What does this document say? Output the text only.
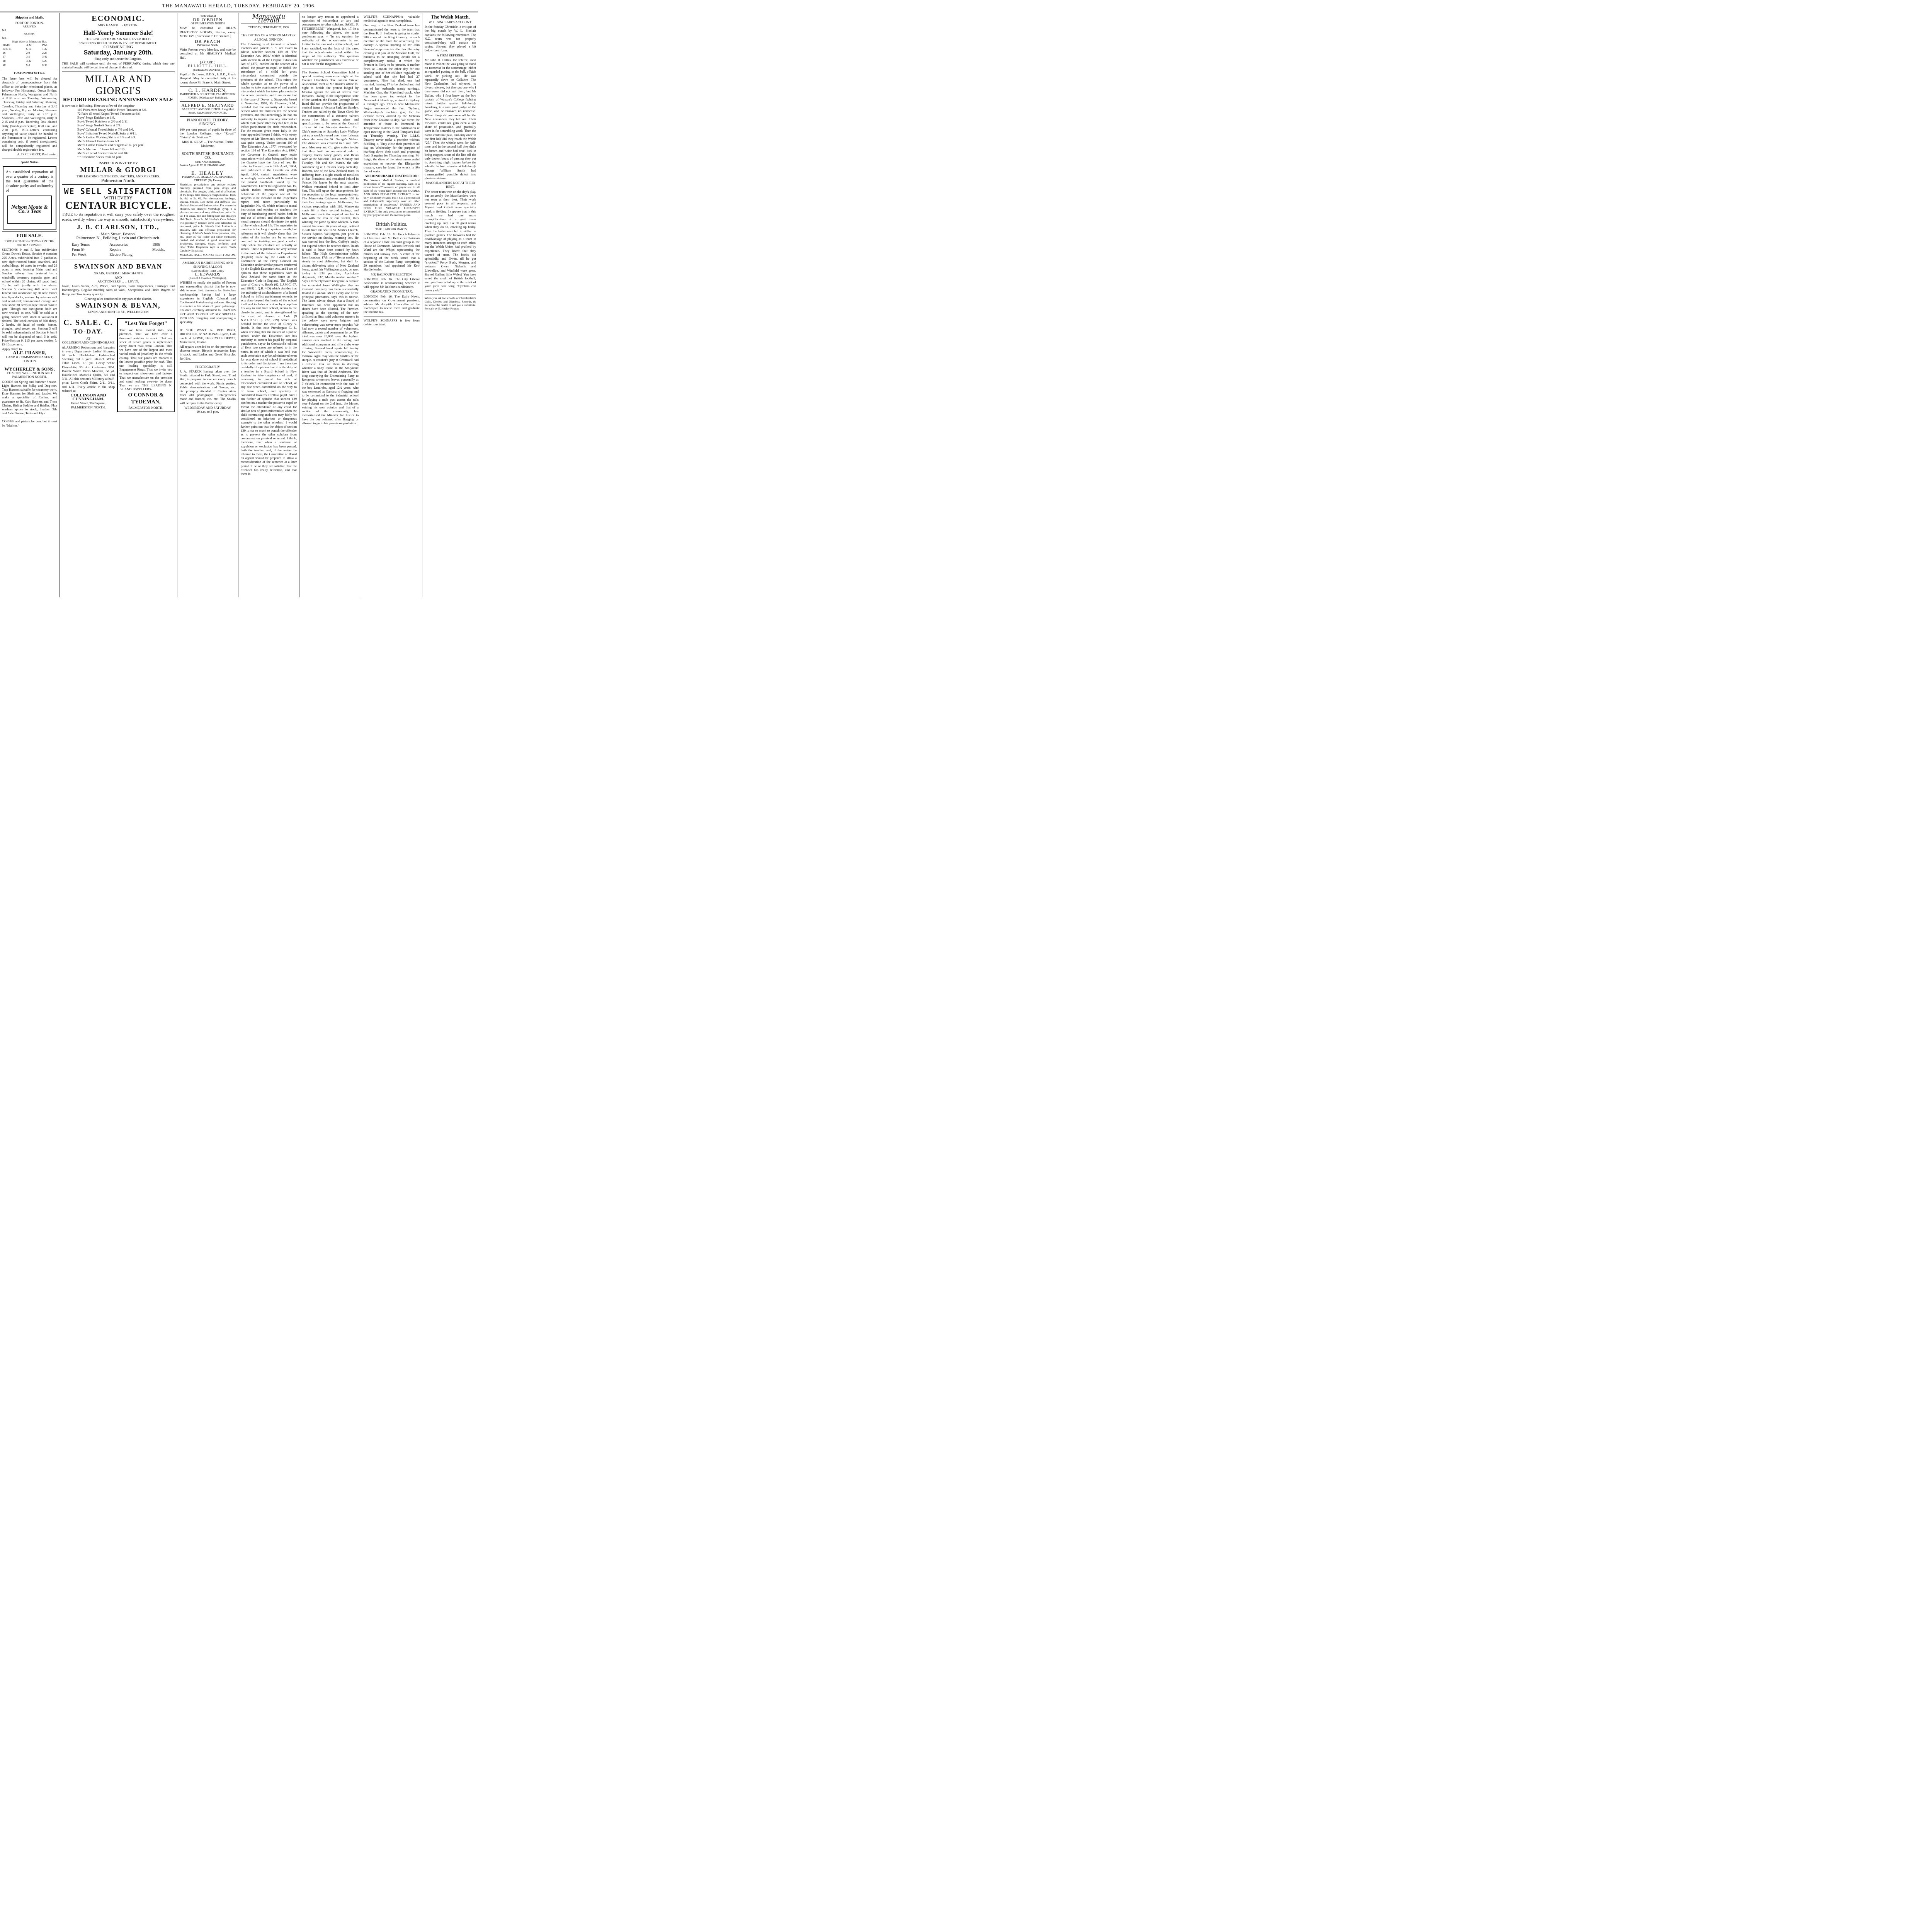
THE MANAWATU HERALD, TUESDAY, FEBRUARY 20, 1906.
Shipping and Mails.
PORT OF FOXTON.
ARRIVED.
Nil.
SAILED.
Nil.
High Water at Manawatu Bar.
DATE	A.M	P.M.
Feb. 15	6.10	1.32
16	2.0	2.28
17	3.5	3.42
18	4.32	5.23
19	6.3	6.44
FOXTON POST OFFICE.

The letter box will be cleared for despatch of correspondence from this office to the under mentioned places, as follows:- For Himatangi, Oroua Bridge, Palmerston North, Wanganui and North at 8.30 a.m. on Tuesday, Wednesday, Thursday, Friday and Saturday; Monday, Tuesday, Thursday and Saturday at 2.45 p.m.; Sunday, 8 p.m. Moutoa, Shannon and Wellington, daily at 2.15 p.m. Shannon, Levin and Wellington, daily at 2.15 and 8 p.m. Receiving Box cleared daily, (Sundays excepted), 8.20 a.m., and 2.10 p.m. N.B.-Letters containing anything of value should be handed to the Postmaster to be registered. Letters containing coin, if posted unregistered, will be compulsorily registered and charged double registration fee.

A. D. CLEMETT, Postmaster.
Special Notices

An established reputation of over a quarter of a century is the best guarantee of the absolute purity and uniformity of

Nelson Moate & Co.'s Teas
FOR SALE.
TWO OF THE SECTIONS ON THE OROUA DOWNS.

SECTIONS 9 and 5, last subdivision Oroua Downs Estate. Section 9 contains 225 Acres, subdivided into 7 paddocks, new eight-roomed house, cow-shed, and outbuildings, 16 acres in swedes and 28 acres in oats; fronting Main road and Sandon railway line; watered by a windmill; creamery opposite gate, and school within 20 chains. All good land. To be sold jointly with the above. Section 5, containing 468 acres; well fenced and subdivided by all new fences into 9 paddocks; watered by artesian well and wind-mill; four-roomed cottage and cow-shed; 30 acres in rape; metal road to gate. Though not contiguous both are now worked as one. Will be sold as a going concern with stock at valuation if desired. The stock consists of 600 sheep, 2 lambs, 80 head of cattle, horses, ploughs, seed sower, etc. Section 5 will be sold independently of Section 9, but 9 will not be disposed of until 5 is sold. Price-Section 9, £15 per acre; section 5, £9 10s per acre.

Apply sharp to
ALF. FRASER,
LAND & COMMISSION AGENT, FOXTON.
WYCHERLEY & SONS,
FOXTON, WELLINGTON AND PALMERSTON NORTH.

GOODS for Spring and Summer Season- Light Harness for Sulky and Dog-cart. Trap Harness suitable for creamery work, Dray Harness for Shaft and Leader. We make a speciality of Collars, and guarantee to fit. Cart Harness and Trace Chains, Riding Saddles and Bridles, Flax washers aprons to stock, Leather Oils and Axle Grease, Tents and Flys.

COFFEE and pistols for two, but it must be "Malmo."

ECONOMIC.
MRS HAMER ... - FOXTON.
Half-Yearly Summer Sale!
THE BIGGEST BARGAIN SALE EVER HELD.
SWEEPING REDUCTIONS IN EVERY DEPARTMENT.
COMMENCING
Saturday, January 20th.
Shop early and secure the Bargains.

THE SALE will continue until the end of FEBRUARY, during which time any material bought will be cut, free of charge, if desired.

MILLAR AND GIORGI'S
RECORD BREAKING ANNIVERSARY SALE
is now on in full swing. Here are a few of the bargains-
100 Pairs extra heavy Saddle Tweed Trousers at 6/6.
72 Pairs all wool Kaipoi Tweed Trousers at 6/6.
Boys' Serge Knickers at 1/9.
Boy's Tweed Knickers at 2/6 and 2/11.
Boys' Serge Norfolk Suits at 7/9.
Boys' Colonial Tweed Suits at 7/9 and 9/6.
Boys' Imitation Tweed Norfolk Suits at 6/11.
Men's Cotton Working Shirts at 1/9 and 2/3.
Men's Flannel Unders from 2/3.
Men's Cotton Drawers and Singlets at 1/- per pair.
Men's Merino ... " from 1/3 and 1/6.
Men's all wool Socks from 8d and 10d.
" " Cashmere Socks from 8d pair.
INSPECTION INVITED BY
MILLAR & GIORGI
THE LEADING CLOTHIERS, HATTERS, AND MERCERS.
Palmerston North.
WE SELL SATISFACTION
WITH EVERY
CENTAUR BICYCLE.

TRUE to its reputation it will carry you safely over the roughest roads, swiftly where the way is smooth, satisfactorily everywhere.

J. B. CLARLSON, LTD.,
Main Street, Foxton.
Palmerston N., Feilding, Levin and Christchurch.
Easy Terms
From 5/-
Per Week
Accessories
Repairs
Electro Plating
1906
Models.
SWAINSON AND BEVAN
GRAIN, GENERAL MERCHANTS
AND
AUCTIONEERS ... ... LEVIN.

Grain, Grass Seeds, Ales, Wines, and Spirits, Farm Implements, Carriages and Ironmongery. Regular monthly sales of Wool, Sheepskins, and Hides Buyers of Hemp and Tow in any quantity.

Clearing sales conducted in any part of the district.
SWAINSON & BEVAN,
LEVIN AND HUNTER ST., WELLINGTON
C. SALE. C.
TO-DAY.
AT
COLLINSON AND CUNNINGHAME

ALARMING Reductions and bargains in every Department- Ladies' Blouses, 9d each. Double-bed Unbleached Sheeting, 5d a yard. 58-inch White Table Linen, 1/- yd. Heavy white Flannelette, 3/9 doz. Cretonnes, 3½d. Double Width Dress Material, 6d yd. Double-bed Marsella Quilts, 8/6 and 9/11. All this season's Millinery at half-price. Lawn Crash Skirts, 2/11, 3/11, and 4/11. Every article in the shop reduced at

COLLINSON AND CUNNINGHAM.
Broad Street, The Square,
PALMERSTON NORTH.
"Lest You Forget"

That we have moved into new premises. That we have over a thousand watches in stock. That our stock of silver goods is replenished every direct mail from London. That we have one of the largest and most varied stock of jewellery in the whole colony. That our goods are marked at the lowest possible price for cash. That our leading speciality is still Engagement Rings. That we invite you to inspect our showroom and factory. That we manufacture on the premises and send nothing away-to be done. That we are THE LEADING N. ISLAND JEWELLERS-

O'CONNOR & TYDEMAN,
PALMERSTON NORTH.
Professional
DR O'BRIEN
OF PALMERSTON NORTH

MAY be consulted at HILL'S DENTISTRY ROOMS, Foxton, every MONDAY. [Successor to Dr Graham.]

DR PEACH
Palmerston North.

Visits Foxton every Monday, and may be consulted at Mr HEALEY'S Medical Hall.

[A CARD.]
ELLIOTT L. HILL.
[SURGEON DENTIST.]

Pupil of Dr Lowe, D.D.S., L.D.D., Guy's Hospital. May be consulted daily at his rooms above Mr Fraser's, Main Street.

C. L. HARDEN,
BARRISTER & SOLICITOR, PALMERSTON NORTH. (Waldegrave' Buildings).
ALFRED E. MEATYARD
BARRISTER AND SOLICITOR. Rangitikei Street, PALMERSTON NORTH.
PIANOFORTE. THEORY. SINGING.

100 per cent passes of pupils in three of the London Colleges, viz.- "Royal," "Trinity" & "National."

MRS R. GRAY, ... The Avenue. Terms Moderate.
SOUTH BRITISH INSURANCE CO.
FIRE AND MARINE.
Foxton Agent- F. W. H. FRANKLAND
E. HEALEY
PHARMACEUTICAL AND DISPENSING CHEMIST. (By Exam).

Physicians prescriptions and private recipes carefully prepared from pure drugs and chemicals. For coughs, colds, and all affections of the lungs, take Healey's cough mixture, from 1s. 6d. to 2s. 6d. For rheumatism, lumbago, sprains, bruises, sore throat and stiffness, use Healey's Household Embrocation. For worms in children, use Healey's Vermifuge Syrup, it is pleasant to take and very efficacious, price 1s. 6d. For weak, thin and falling hair, use Healey's Hair Tonic. Price 2s. 6d. Healey's Corn Solvent will positively remove corns and callosities in one week, price 1s. Nurse's Hair Lotion is a pleasant, safe, and effectual preparation for cleansing children's heads from parasites, nits, etc., price 1s. 6d. Horse and cattle medicines carried and stocked. A good assortment of Brushware, Sponges, Soaps, Perfumes, and other Toilet Requisites kept in stock. Teeth Carefully Extracted.

MEDICAL HALL, MAIN STREET, FOXTON.
AMERICAN HAIRDRESSING AND SHAVING SALOON
(Late Ranfurly Toilet Club).
L. EDWARDS
(Late of J. Downes, Wellington).

WISHES to notify the public of Foxton and surrounding district that he is now able to meet their demands for first-class workmanship having had a large experience in English, Colonial and Continental Hairdressing saloons. Hoping to receive a fair share of your patronage. Children carefully attended to. RAZORS SET AND TESTED BY MY SPECIAL PROCESS. Singeing and shampooing a speciality.

IF YOU WANT A- RED BIRD, BRITISHER, or NATIONAL Cycle, Call on- E. A. HOWE, THE CYCLE DEPOT, Main Street, Foxton.

All repairs attended to on the premises at shortest notice. Bicycle accessories kept in stock, and Ladies and Gents' Bicycles for Hire.

PHOTOGRAPHY

J. A. STARCK having taken over the Studio situated in Park Street, next Triad Hall, is prepared to execute every branch connected with the work. Picnic parties, Public demonstrations and Groups, etc. etc. promptly attended to. Copies taken from old photographs. Enlargements made and framed, etc. etc. The Studio will be open to the Public every

WEDNESDAY AND SATURDAY
10 a.m. to 3 p.m.
Manawatu Herald
TUESDAY, FEBRUARY 20, 1906.
THE DUTIES OF A SCHOOLMASTER.
A LEGAL OPINION.

The following is of interest to school-teachers and parents :- "I am asked to advise whether section 139 of 'The Education Act, 1904,' which is identical with section 87 of the Original Education Act of 1877, confers on the teacher of a school the power to expel or forbid the attendance of a child for gross misconduct committed outside the precincts of the school. This raises the whole question as to the power of a teacher to take cognisance of and punish misconduct which has taken place outside the school precincts, and I am aware that in the case of Dwyer v. Stappoole, heard in November, 1904, Mr Thomson, S.M., decided that the authority of a teacher ceased when the children left the school precincts, and that accordingly he had no authority to inquire into any misconduct which took place after they had left, or to inflict punishment for such misconduct. For the reasons given more fully in the note appended hereto I think, with every respect of Mr Thomson's decision, that it was quite wrong. Under section 100 of 'The Education Act, 1877,' re-enacted by section 164 of 'The Education Act, 1904,' the Governor in Council may make regulations which after being published in the Gazette have the force of law. By order in Council made 14th April, 1904, and published in the Gazette on 20th April, 1904, certain regulations were accordingly made which will be found in the printed handbook issued by the Government. I refer to Regulation No. 15, which makes 'manners and general behaviour of the pupils' one of the subjects to be included in the Inspector's report, and more particularly to Regulation No. 48, which relates to moral instruction and enjoins on teachers the duty of inculcating moral habits both in and out of school, and declares that the moral purpose should dominate the spirit of the whole school life. The regulation in question is too long to quote at length, but reference to it will clearly show that the duties of the teacher are by no means confined to insisting on good conduct only when the children are actually at school. These regulations are very similar to the code of the Education Department (English) made by the Lords of the Committee of the Privy Council on Education under similar powers conferred by the English Education Act, and I am of opinion that these regulations have in New Zealand the same force as the Education Code in England. The English case of Cleary v. Booth (62 L.J.M.C. 87, and 1893) 1 Q.B. 465) which decides that the authority of a schoolmaster of a Board School to inflict punishment extends to acts done beyond the limits of the school itself and includes acts done by a pupil on his way to and from school, seems to me clearly in point, and is strengthened by the case of Hansen v. Cole (9 N.Z.L.R.S.C. p 272, 279) which was decided before the case of Cleary v. Booth. In that case Prendergast C. J., when deciding that the master of a public school under the Education Act has authority to correct his pupil by corporal punishment, says:- In Comstock's edition of Kent two cases are referred to in the notes, in one of which it was held that such correction may be administered even for acts done out of school if prejudicial to its order and discipline. I am therefore decidedly of opinion that it is the duty of a teacher in a Board School in New Zealand to take cognisance of and, if necessary, to punish for acts of misconduct committed out of school, at any rate when committed on the way to or from school, and specially if committed towards a fellow pupil. And I am further of opinion that section 139 confers on a teacher the power to expel or forbid the attendance of any child for similar acts of gross misconduct when the child committing such acts may fairly 'be considered an injurious or dangerous example to the other scholars.' I would further point out that the object of section 139 is not so much to punish the offender as to prevent the other scholars from contamination physical or moral. I think, therefore, that when a sentence of expulsion or exclusion has been passed, both the teacher, and, if the matter be referred to them, the Committee or Board on appeal should be prepared to allow a reconsideration of the sentence at a later period if he or they are satisfied that the offender has really reformed, and that there is

no longer any reason to apprehend a repetition of misconduct or any bad consequences to other scholars. SAML. F. FITZHERBERT." Wanganui, Jan. 17. In a note following the above, the same gentleman says :- "In my opinion the authority of the schoolmaster is not limited to the four walls of the school, and I am satisfied, on the facts of this case, that the schoolmaster acted within the scope of his authority. The question whether the punishment was excessive or not is one for the magistrates."

The Foxton School Committee hold a special meeting to-morrow night at the Council Chambers. The Foxton Cricket Association meet at Mr Reade's office to-night to decide the protest lodged by Moutoa against the win of Foxton over Debaters. Owing to the unpropitious state of the weather, the Foxton Borough Brass Band did not provide the programme of musical items at Victoria Park last Sunday. Tenders are called by the Town Clerk for the construction of a concrete culvert across the Main street, plans and specifications to be seen at the Council offices. At the Victoria Amateur Turf Club's meeting on Saturday Lady Wallace put up a world's record over nine furlongs when she won the St. George's Stakes. The distance was covered in 1 min 50½ secs. Mounsey and Co. give notice to-day that they hold an unreserved sale of drapery, boots, fancy goods, and Retan ware at the Masonic Hall on Monday and Tuesday, 5th and 6th March, the sale commencing at 1 o'clock sharp each day. Roberts, one of the New Zealand team, is suffering from a slight attack of tonsilitis in San Francisco, and remained behind in 'Frisco. He leaves by the next steamer. Wallace remained behind to look after him. This will upset the arrangements for the reception to the local representatives. The Manawatu Cricketers made 108 in their first innings against Melbourne, the visitors responding with 118. Manawatu made 63 in their second innings, and Melbourne made the required number to win with the loss of one wicket, thus winning the game by nine wickets. A man named Andrews, 76 years of age, noticed to fall from his seat in St. Mark's Church, Sussex Square, Wellington, just prior to the service on Sunday morning last. He was carried into the Rev. Coffey's study, but expired before he reached there. Death is said to have been caused by heart failure. The High Commissioner cables from London, 17th inst:-"Hemp market is steady in spot deliveries, but dull for distant deliveries; price of New Zealand hemp, good fair Wellington grade, on spot to-day is £33 per ton; April-June shipments, £32; Manila market weaker." Says a New Plymouth telegram:-A rumour has emanated from Wellington that an ironsand company has been successfully floated in London. Mr D. Berry, one of the principal promoters, says this is untrue. The latest advice shows that a Board of Directors has been appointed but no shares have been allotted. The Premier, speaking at the opening of the new drillshed at Hutt, said volunteer matters in the colony were never brighter and volunteering was never more popular. We had now a record number of volunteers, riflemen, cadets and permanent force. The total was now 20,000 men, the highest number ever reached in the colony, and additional companies and rifle clubs were offering. Several local sports left to-day for Woodville races, commencing to-morrow. Aglii may win the hurdles or the steeple. A coroner's jury at Cromwell had a difficult task set them in deciding whether a body found in the Molyneux River was that of David Anderson. The drag conveying the Entertaining Party to Rongotea to-morrow leaves punctually at 7 o'clock. In connection with the case of the boy Landrebe, aged 12½ years, who was sentenced at Oamaru to flogging and to be committed to the industrial school for playing a mile post across the rails near Pukeuri on the 2nd inst., the Mayor, voicing his own opinion and that of a section of the community, has memorialised the Minister for Justice to have the boy released after flogging or allowed to go to his parents on probation.

WOLFE'S SCHNAPPS-A valuable medicinal agent in renal complaints.

One wag in the New Zealand team has communicated the news to the team that the Hon R. J. Seddon is going to confer 300 acres of the King Country on each member of the team for advertising the colony! A special meeting of Mr John Stevens' supporters is called for Thursday evening at 8 p.m. at the Masonic Hall, the business to be arranging details for a complimentary social, at which the Premier is likely to be present. A mother fined at London the other day for not sending one of her children regularly to school said that she had had 27 youngsters. Nine had died, one had married, leaving 17 to be clothed and fed out of her husband's scanty earnings. Machine Gun, the Maoriland crack, who has been given top weight for the Newmarket Handicap, arrived in Sydney a fortnight ago. This is how Melbourne Argus announced the fact: 'Sydney, Wednesday.-A machine gun, for the defence forces, arrived by the Maheno from New Zealand to-day.' We direct the attention of those in interested in Temperance matters to the notification re open meeting in the Good Templar's Hall on Thursday evening. The L.M.S. Drapery never make a promise without fulfilling it. They close their premises all day on Wednesday for the purpose of marking down their stock and preparing fresh Bargains for Thursday morning. Mr Leigh, the diver of the latest unsuccessful expedition to recover the Elingamite treasure, says he found the wreck in 9½ feet of water.

AN HONOURABLE DISTINCTION!

The Western Medical Review, a medical publication of the highest standing, says in a recent issue:-"Thousands of physicians in all parts of the world have attested that SANDER AND SONS EUCALYPTI EXTRACT is not only absolutely reliable but it has a pronounced and indisputable superiority over all other preparations of eucalyptus." SANDER AND SONS PURE VOLATILE EUCALYPTI EXTRACT, the only preparation recommended by your physician and the medical press.

British Politics.
THE LABOUR PARTY.

LONDON, Feb. 16. Mr Enoch Edwards is Chairman and Mr Bell vice-Chairman of a separate Trade Unionist group in the House of Commons. Messrs Fenwick and Ward are the Whips representing the miners and railway men. A cable at the beginning of the week stated that a section of the Labour Party, comprising 29 members, had appointed Mr Keir Hardie leader.

MR BALFOUR'S ELECTION.

LONDON, Feb. 16. The City Liberal Association is reconsidering whether it will oppose Mr Balfour's candidature.

GRADUATED INCOME TAX.

LONDON, Feb. 16. The Daily News, commenting on Government pensions, advises Mr Asquith, Chancellor of the Exchequer, to revise them and graduate the income tax.

WOLFE'S SCHNAPPS is free from deleterious taint.

The Welsh Match.
W. L. SINCLAIR'S ACCOUNT.

In the Sunday Chronicle, a critique of the big match by W. L. Sinclair contains the following reference:- The N.Z. team was not properly constituted-they will excuse me saying this-and they played a bit below their form.

A FIRM REFEREE.

Mr John D. Dallas, the referee, soon made it evident he was going to stand no nonsense in the scrummage, either as regarded putting in the ball, offside work, or picking out. He was repeatedly down on Gallaher. The New Zealanders had objected to divers referees, but they got one who I dare swear did not suit them; but Mr Dallas, who I first knew as the boy captain of Watson's College fighting mimic battles against Edinburgh Academy, is a rare good judge of the game, and he brooked no nonsense. When things did not come off for the New Zealanders they fell out. Their forwards could not gain even a fair share of possession, and gradually went in for scrambling work. Then the backs could not pass, and only once in the first half did they reach the Welsh "25." Then the whistle went for half-time, and in the second half they did a bit better, and twice had cruel luck in being stopped short of the line off the only decent bouts of passing they put in. Anything might happen before the whistle. In four minutes at Edinburgh George William Smith had transmogrified possible defeat into glorious victory.

MAORILANDERS NOT AT THEIR BEST.

The better team won on the day's play, but assuredly the Maorilanders were not seen at their best. Their work seemed poor in all respects, and Mynott and Gillett were specially weak in fielding. I suppose that in this match we had one more exemplification of a great team cracking up, and, like all great teams when they do so, cracking up badly. Then the backs were left in skilled in practice games. The forwards had the disadvantage of playing as a team in many instances strange to each other, but the Welsh Union had profited by experience. They know that they wanted of men. The backs did splendidly, and Owen, till he got "crocked," Percy Bush, Morgan, and veterans Gwyn Nicholls and Llewellyn, and Winfield were great. Bravo! Gallant little Wales? You have saved the credit of British football, and you have acted up to the spirit of your great war song "Cymbria can never yield."

When you ask for a bottle of Chamberlain's Colic, Cholera and Diarrhoea Remedy, do not allow the dealer to sell you a substitute. For sale by E. Healey Foxton.
